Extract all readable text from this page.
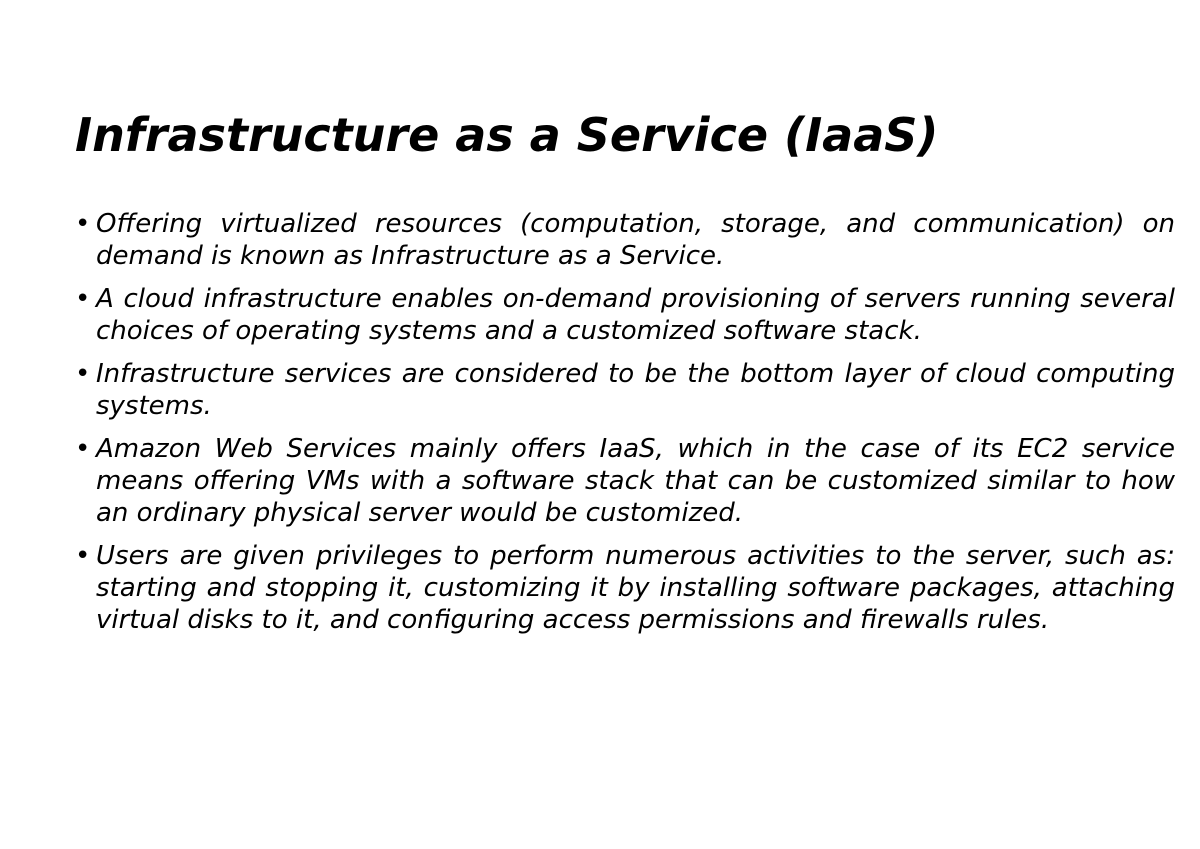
Infrastructure as a Service (IaaS)
• Offering virtualized resources (computation, storage, and communication) on demand is known as Infrastructure as a Service.
• A cloud infrastructure enables on-demand provisioning of servers running several choices of operating systems and a customized software stack.
• Infrastructure services are considered to be the bottom layer of cloud computing systems.
• Amazon Web Services mainly offers IaaS, which in the case of its EC2 service means offering VMs with a software stack that can be customized similar to how an ordinary physical server would be customized.
• Users are given privileges to perform numerous activities to the server, such as: starting and stopping it, customizing it by installing software packages, attaching virtual disks to it, and configuring access permissions and firewalls rules.
